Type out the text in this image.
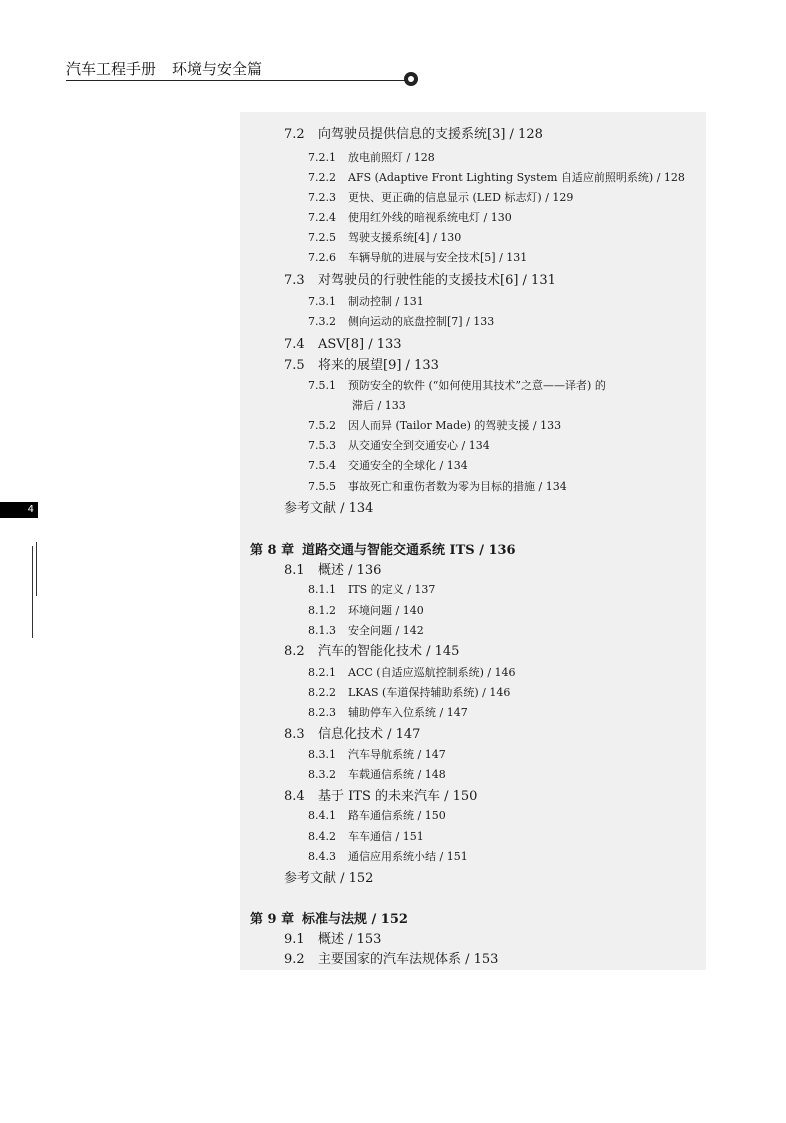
汽车工程手册 环境与安全篇
4
7.2 向驾驶员提供信息的支援系统[3] / 128
7.2.1 放电前照灯 / 128
7.2.2 AFS (Adaptive Front Lighting System 自适应前照明系统) / 128
7.2.3 更快、更正确的信息显示 (LED 标志灯) / 129
7.2.4 使用红外线的暗视系统电灯 / 130
7.2.5 驾驶支援系统[4] / 130
7.2.6 车辆导航的进展与安全技术[5] / 131
7.3 对驾驶员的行驶性能的支援技术[6] / 131
7.3.1 制动控制 / 131
7.3.2 侧向运动的底盘控制[7] / 133
7.4 ASV[8] / 133
7.5 将来的展望[9] / 133
7.5.1 预防安全的软件 (“如何使用其技术”之意——译者) 的
滞后 / 133
7.5.2 因人而异 (Tailor Made) 的驾驶支援 / 133
7.5.3 从交通安全到交通安心 / 134
7.5.4 交通安全的全球化 / 134
7.5.5 事故死亡和重伤者数为零为目标的措施 / 134
参考文献 / 134
第 8 章 道路交通与智能交通系统 ITS / 136
8.1 概述 / 136
8.1.1 ITS 的定义 / 137
8.1.2 环境问题 / 140
8.1.3 安全问题 / 142
8.2 汽车的智能化技术 / 145
8.2.1 ACC (自适应巡航控制系统) / 146
8.2.2 LKAS (车道保持辅助系统) / 146
8.2.3 辅助停车入位系统 / 147
8.3 信息化技术 / 147
8.3.1 汽车导航系统 / 147
8.3.2 车载通信系统 / 148
8.4 基于 ITS 的未来汽车 / 150
8.4.1 路车通信系统 / 150
8.4.2 车车通信 / 151
8.4.3 通信应用系统小结 / 151
参考文献 / 152
第 9 章 标准与法规 / 152
9.1 概述 / 153
9.2 主要国家的汽车法规体系 / 153
